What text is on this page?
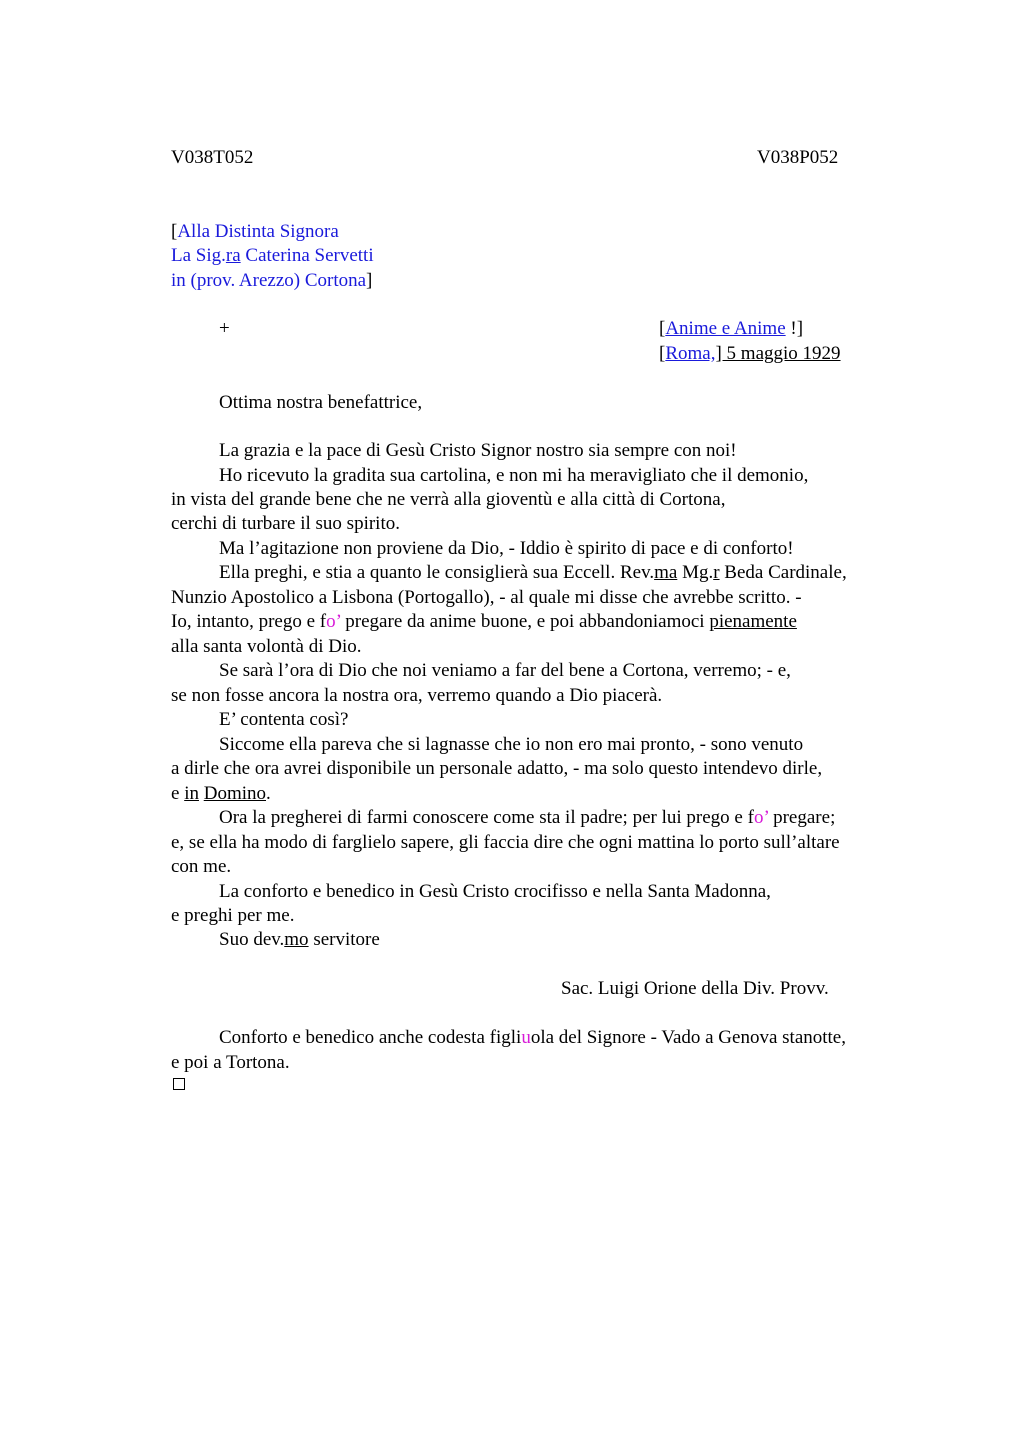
V038T052	V038P052
[Alla Distinta Signora
La Sig.ra Caterina Servetti
in (prov. Arezzo) Cortona]
+	[Anime e Anime !]
[Roma,] 5 maggio 1929
Ottima nostra benefattrice,
La grazia e la pace di Gesù Cristo Signor nostro sia sempre con noi!
Ho ricevuto la gradita sua cartolina, e non mi ha meravigliato che il demonio,
in vista del grande bene che ne verrà alla gioventù e alla città di Cortona,
cerchi di turbare il suo spirito.
Ma l’agitazione non proviene da Dio, - Iddio è spirito di pace e di conforto!
Ella preghi, e stia a quanto le consiglierà sua Eccell. Rev.ma Mg.r Beda Cardinale,
Nunzio Apostolico a Lisbona (Portogallo), - al quale mi disse che avrebbe scritto. -
Io, intanto, prego e fo’ pregare da anime buone, e poi abbandoniamoci pienamente
alla santa volontà di Dio.
Se sarà l’ora di Dio che noi veniamo a far del bene a Cortona, verremo; - e,
se non fosse ancora la nostra ora, verremo quando a Dio piacerà.
E’ contenta così?
Siccome ella pareva che si lagnasse che io non ero mai pronto, - sono venuto
a dirle che ora avrei disponibile un personale adatto, - ma solo questo intendevo dirle,
e in Domino.
Ora la pregherei di farmi conoscere come sta il padre; per lui prego e fo’ pregare;
e, se ella ha modo di farglielo sapere, gli faccia dire che ogni mattina lo porto sull’altare
con me.
La conforto e benedico in Gesù Cristo crocifisso e nella Santa Madonna,
e preghi per me.
Suo dev.mo servitore
Sac. Luigi Orione della Div. Provv.
Conforto e benedico anche codesta figliuola del Signore - Vado a Genova stanotte,
e poi a Tortona.
